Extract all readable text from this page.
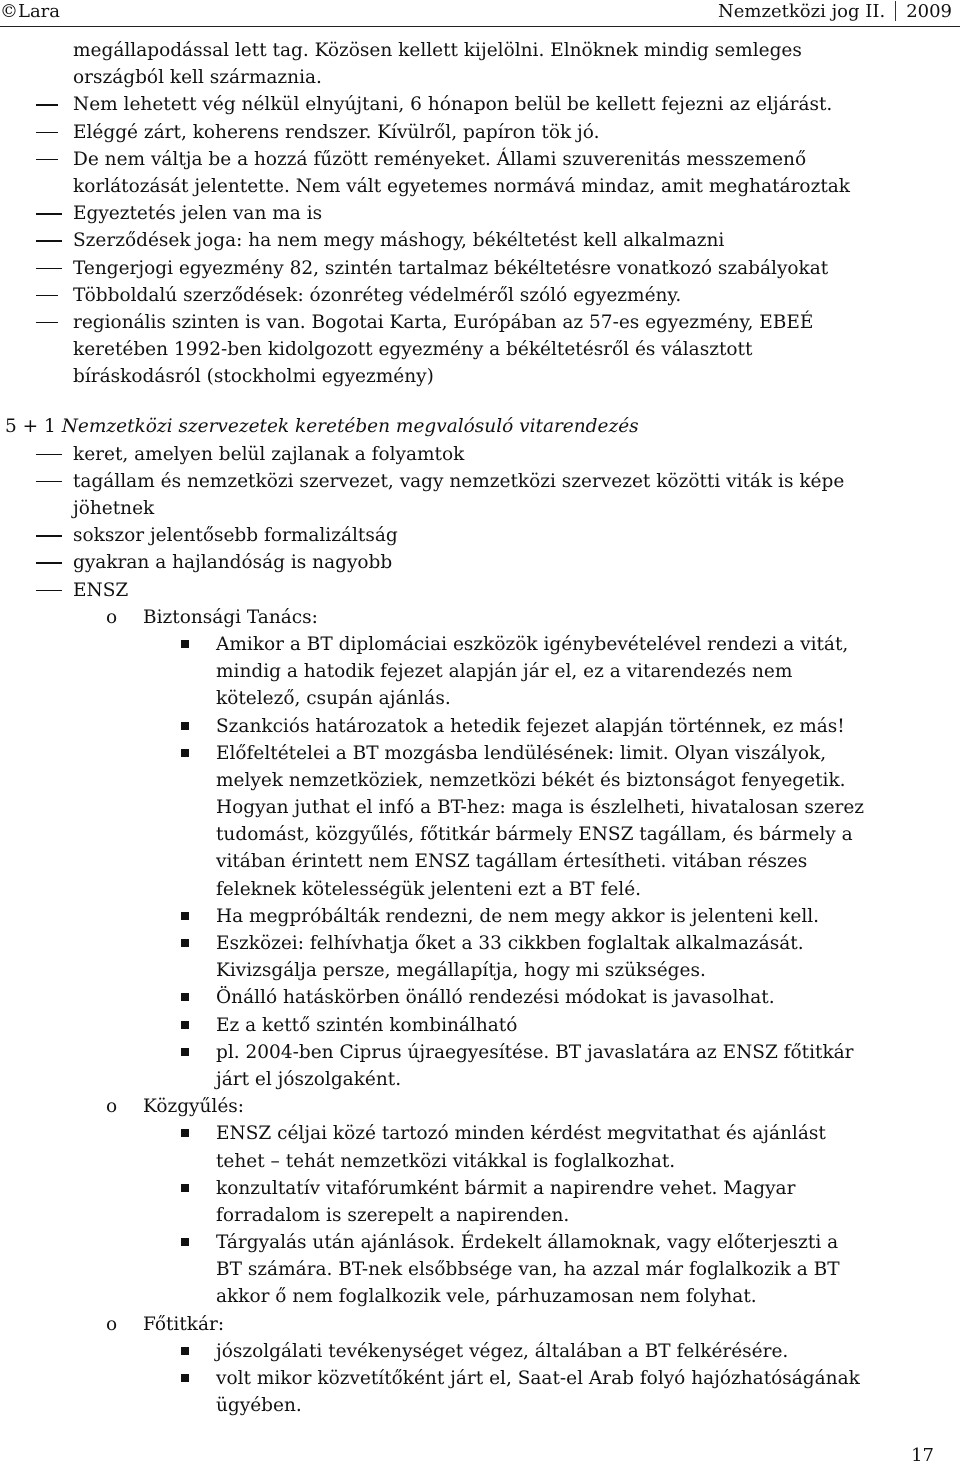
©Lara	Nemzetközi jog II. 2009
megállapodással lett tag. Közösen kellett kijelölni. Elnöknek mindig semleges
országból kell származnia.
Nem lehetett vég nélkül elnyújtani, 6 hónapon belül be kellett fejezni az eljárást.
Eléggé zárt, koherens rendszer. Kívülről, papíron tök jó.
De nem váltja be a hozzá fűzött reményeket. Állami szuverenitás messzemenő
korlátozását jelentette. Nem vált egyetemes normává mindaz, amit meghatároztak
Egyeztetés jelen van ma is
Szerződések joga: ha nem megy máshogy, békéltetést kell alkalmazni
Tengerjogi egyezmény 82, szintén tartalmaz békéltetésre vonatkozó szabályokat
Többoldalú szerződések: ózonréteg védelméről szóló egyezmény.
regionális szinten is van. Bogotai Karta, Európában az 57-es egyezmény, EBEÉ
keretében 1992-ben kidolgozott egyezmény a békéltetésről és választott
bíráskodásról (stockholmi egyezmény)
5 + 1 Nemzetközi szervezetek keretében megvalósuló vitarendezés
keret, amelyen belül zajlanak a folyamtok
tagállam és nemzetközi szervezet, vagy nemzetközi szervezet közötti viták is képe
jöhetnek
sokszor jelentősebb formalizáltság
gyakran a hajlandóság is nagyobb
ENSZ
o Biztonsági Tanács:
Amikor a BT diplomáciai eszközök igénybevételével rendezi a vitát,
mindig a hatodik fejezet alapján jár el, ez a vitarendezés nem
kötelező, csupán ajánlás.
Szankciós határozatok a hetedik fejezet alapján történnek, ez más!
Előfeltételei a BT mozgásba lendülésének: limit. Olyan viszályok,
melyek nemzetköziek, nemzetközi békét és biztonságot fenyegetik.
Hogyan juthat el infó a BT-hez: maga is észlelheti, hivatalosan szerez
tudomást, közgyűlés, főtitkár bármely ENSZ tagállam, és bármely a
vitában érintett nem ENSZ tagállam értesítheti. vitában részes
feleknek kötelességük jelenteni ezt a BT felé.
Ha megpróbálták rendezni, de nem megy akkor is jelenteni kell.
Eszközei: felhívhatja őket a 33 cikkben foglaltak alkalmazását.
Kivizsgálja persze, megállapítja, hogy mi szükséges.
Önálló hatáskörben önálló rendezési módokat is javasolhat.
Ez a kettő szintén kombinálható
pl. 2004-ben Ciprus újraegyesítése. BT javaslatára az ENSZ főtitkár
járt el jószolgaként.
o Közgyűlés:
ENSZ céljai közé tartozó minden kérdést megvitathat és ajánlást
tehet – tehát nemzetközi vitákkal is foglalkozhat.
konzultatív vitafórumként bármit a napirendre vehet. Magyar
forradalom is szerepelt a napirenden.
Tárgyalás után ajánlások. Érdekelt államoknak, vagy előterjeszti a
BT számára. BT-nek elsőbbsége van, ha azzal már foglalkozik a BT
akkor ő nem foglalkozik vele, párhuzamosan nem folyhat.
o Főtitkár:
jószolgálati tevékenységet végez, általában a BT felkérésére.
volt mikor közvetítőként járt el, Saat-el Arab folyó hajózhatóságának
ügyében.
17
